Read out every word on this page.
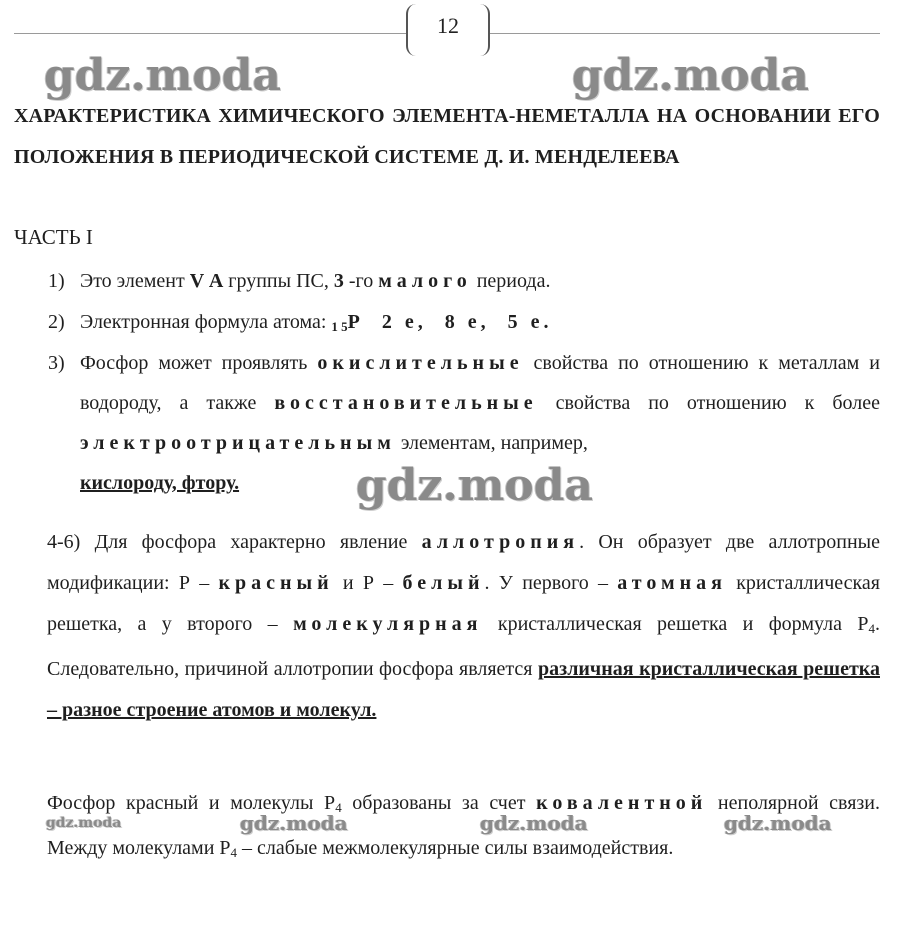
12
gdz.moda	gdz.moda
ХАРАКТЕРИСТИКА ХИМИЧЕСКОГО ЭЛЕМЕНТА-НЕМЕТАЛЛА НА ОСНОВАНИИ ЕГО ПОЛОЖЕНИЯ В ПЕРИОДИЧЕСКОЙ СИСТЕМЕ Д. И. МЕНДЕЛЕЕВА
ЧАСТЬ I
1) Это элемент V А группы ПС, 3 -го малого периода.
2) Электронная формула атома: $_{1 5}$Р  2 е,  8 е,  5 е.
3) Фосфор может проявлять окислительные свойства по отношению к металлам и водороду, а также восстановительные свойства по отношению к более электроотрицательным элементам, например,
кислороду, фтору.	gdz.moda
4-6) Для фосфора характерно явление аллотропия. Он образует две аллотропные модификации: Р – красный и Р – белый. У первого – атомная кристаллическая решетка, а у второго – молекулярная кристаллическая решетка и формула $Р_4$. Следовательно, причиной аллотропии фосфора является различная кристаллическая решетка – разное строение атомов и молекул.
Фосфор красный и молекулы $Р_4$ образованы за счет ковалентной неполярной связи. Между молекулами $Р_4$ – слабые межмолекулярные силы взаимодействия.
gdz.moda	gdz.moda	gdz.moda	gdz.moda
